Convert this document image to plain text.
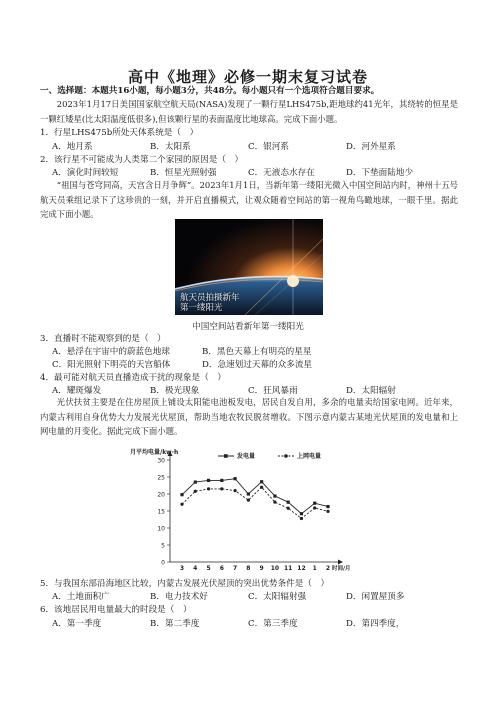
高中《地理》必修一期末复习试卷
一、选择题：本题共16小题，每小题3分，共48分。每小题只有一个选项符合题目要求。
2023年1月17日美国国家航空航天局(NASA)发现了一颗行星LHS475b,距地球约41光年，其绕转的恒星是一颗红矮星(比太阳温度低很多),但该颗行星的表面温度比地球高。完成下面小题。
1．行星LHS475b所处天体系统是（　）
A．地月系	B．太阳系	C．银河系	D．河外星系
2．该行星不可能成为人类第二个家园的原因是（　）
A．演化时间较短	B．恒星光照射强	C．无液态水存在	D．下垫面陆地少
“祖国与苍穹同高，天宫含日月争辉”。2023年1月1日，当新年第一缕阳光微入中国空间站内时，神州十五号航天员乘组记录下了这珍贵的一刻，并开启直播模式，让观众随着空间站的第一视角鸟瞰地球，一眼千里。据此完成下面小题。
航天员拍摄新年
第一缕阳光
中国空间站看新年第一缕阳光
3．直播时不能观察到的是（　）
A．悬浮在宇宙中的蔚蓝色地球	B．黑色天幕上有明亮的星星
C．阳光照射下明亮的天宫船体	D．急速划过天幕的众多流星
4．最可能对航天员直播造成干扰的现象是（　）
A．耀斑爆发	B．极光现象	C．狂风暴雨	D．太阳辐射
光伏扶贫主要是在住房屋顶上铺设太阳能电池板发电，居民自发自用，多余的电量卖给国家电网。近年来，内蒙古利用自身优势大力发展光伏屋顶，帮助当地农牧民脱贫增收。下图示意内蒙古某地光伏屋顶的发电量和上网电量的月变化。据此完成下面小题。
0
5
10
15
20
25
30
3 4 5 6 7 8 9 10 11 12 1 2
月平均电量/kw·h
时间/月
发电量	上网电量
5．与我国东部沿海地区比较，内蒙古发展光伏屋顶的突出优势条件是（　）
A．土地面积广	B．电力技术好	C．太阳辐射强	D．闲置屋顶多
6．该地居民用电量最大的时段是（　）
A．第一季度	B．第二季度	C．第三季度	D．第四季度，
